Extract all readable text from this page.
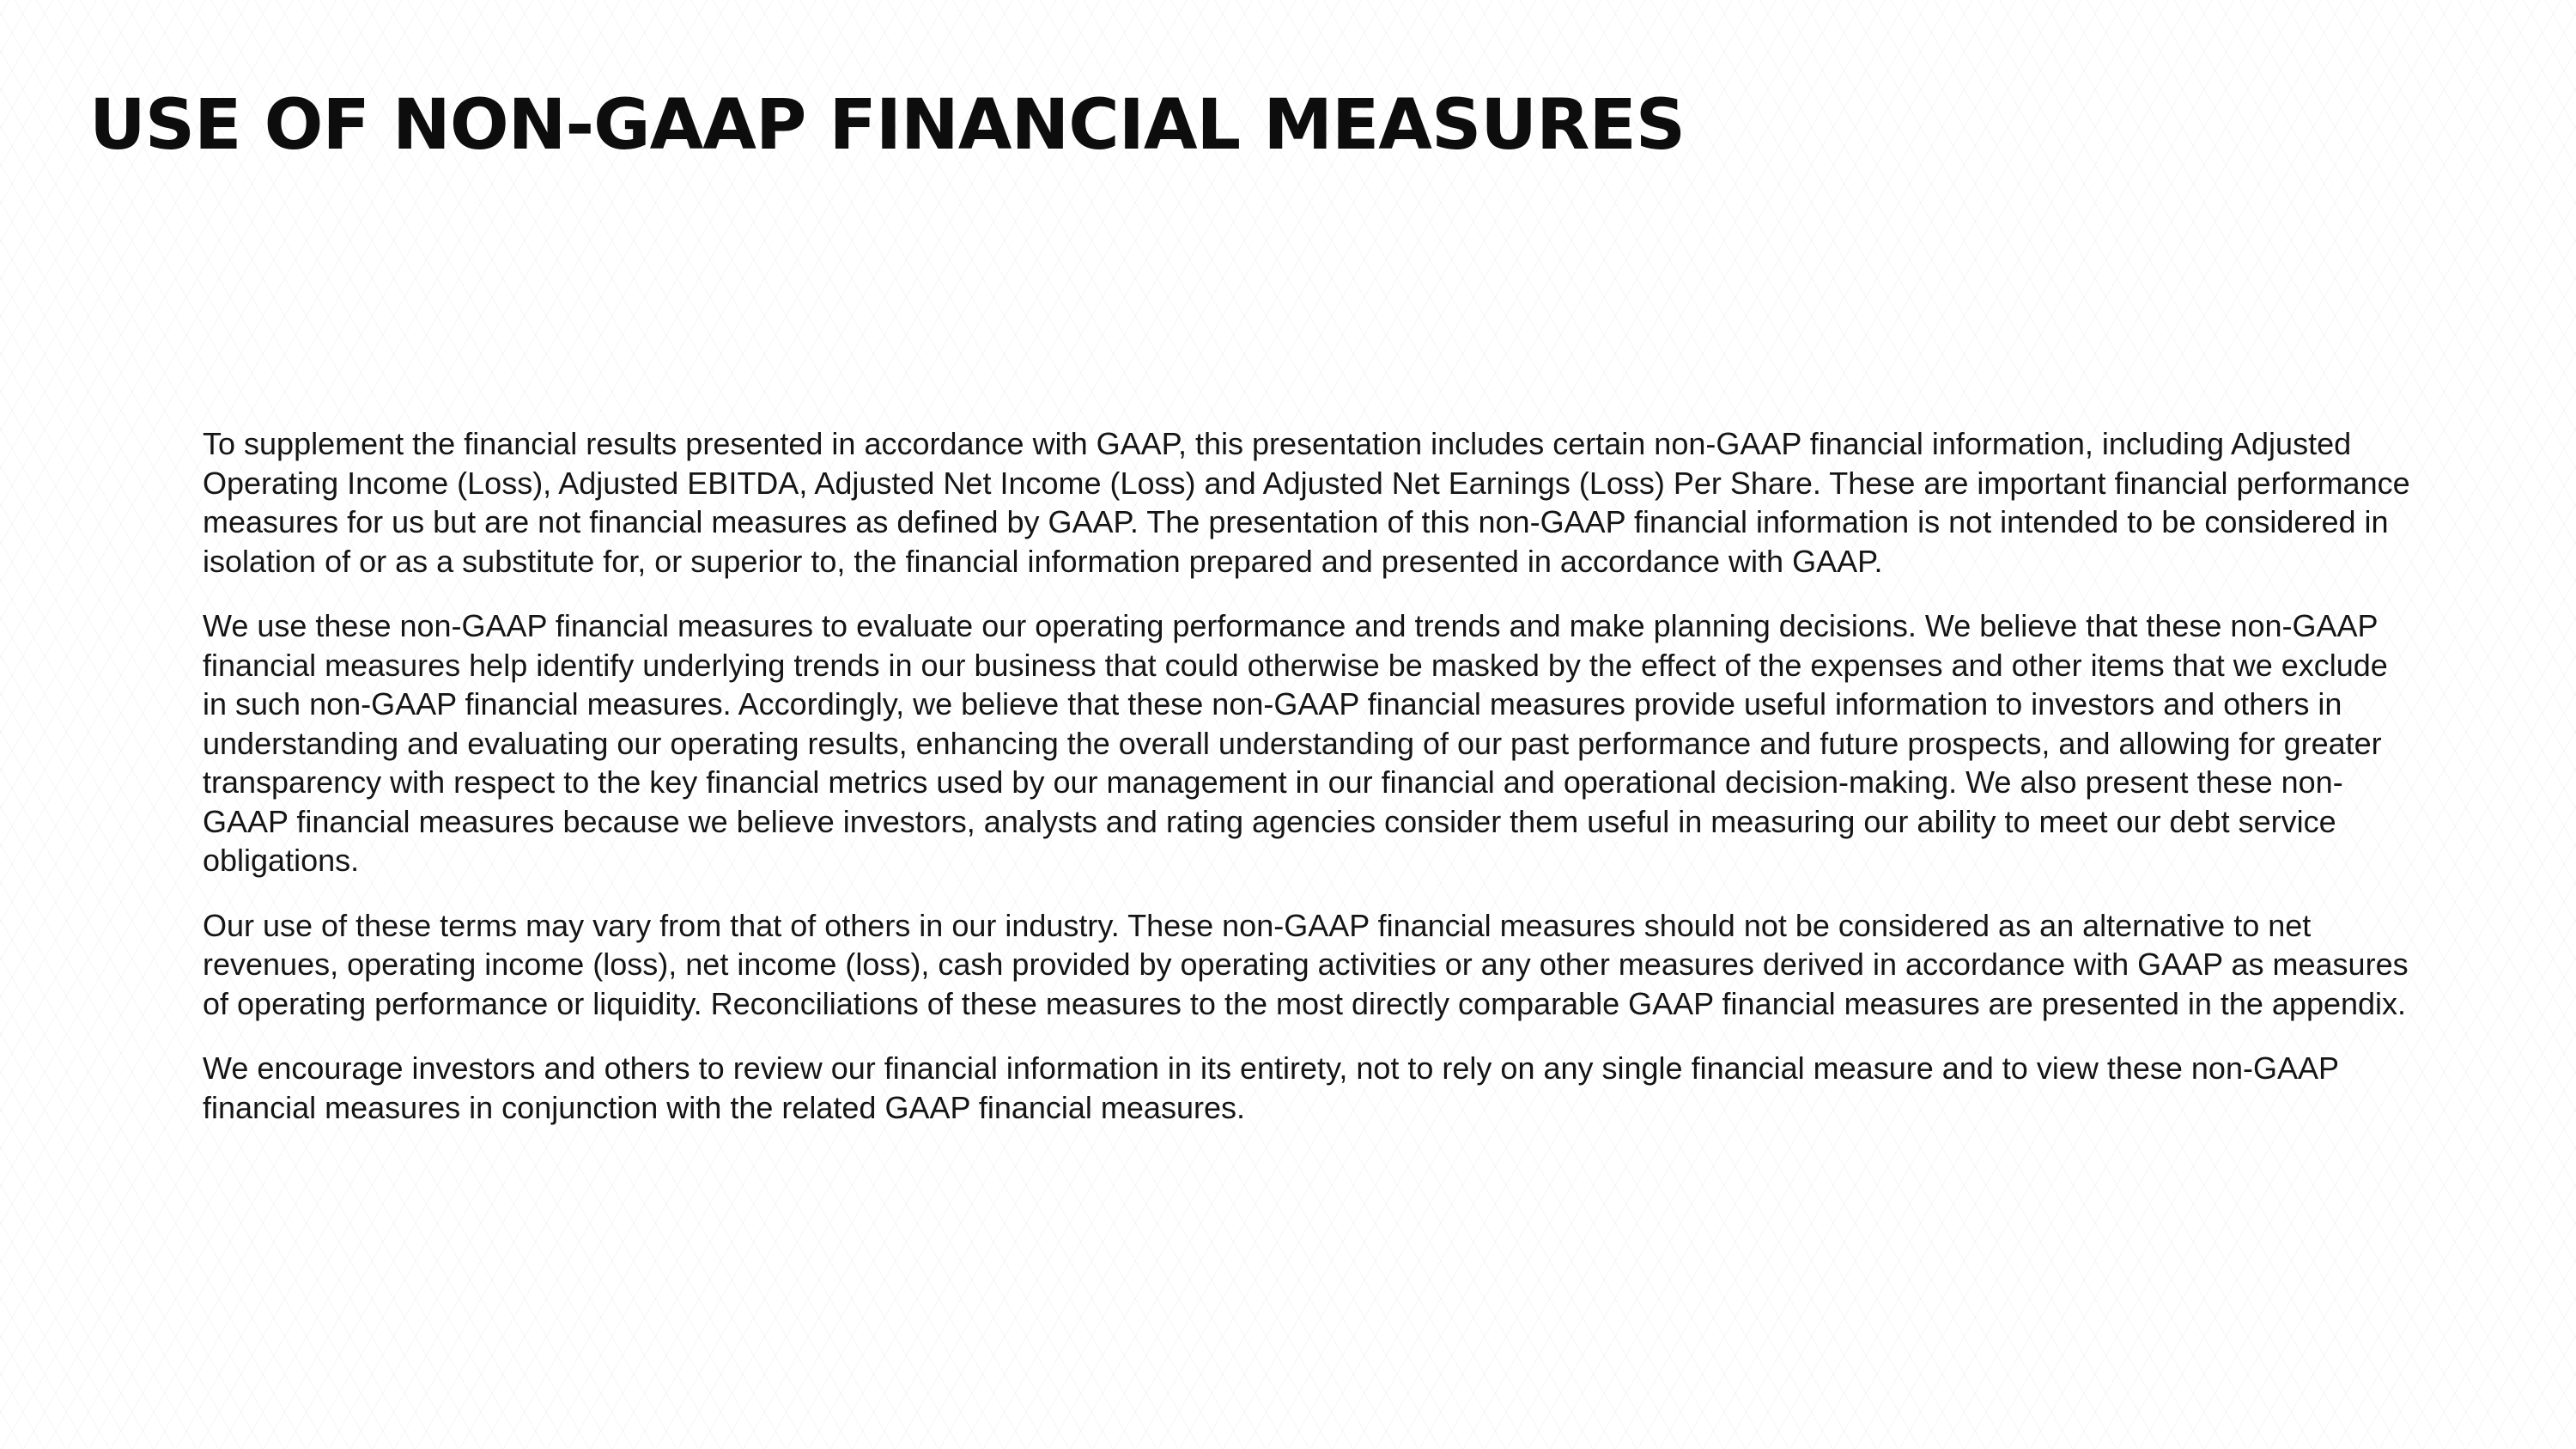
USE OF NON-GAAP FINANCIAL MEASURES

To supplement the financial results presented in accordance with GAAP, this presentation includes certain non-GAAP financial information, including Adjusted Operating Income (Loss), Adjusted EBITDA, Adjusted Net Income (Loss) and Adjusted Net Earnings (Loss) Per Share. These are important financial performance measures for us but are not financial measures as defined by GAAP. The presentation of this non-GAAP financial information is not intended to be considered in isolation of or as a substitute for, or superior to, the financial information prepared and presented in accordance with GAAP.

We use these non-GAAP financial measures to evaluate our operating performance and trends and make planning decisions. We believe that these non-GAAP financial measures help identify underlying trends in our business that could otherwise be masked by the effect of the expenses and other items that we exclude in such non-GAAP financial measures. Accordingly, we believe that these non-GAAP financial measures provide useful information to investors and others in understanding and evaluating our operating results, enhancing the overall understanding of our past performance and future prospects, and allowing for greater transparency with respect to the key financial metrics used by our management in our financial and operational decision-making. We also present these non-GAAP financial measures because we believe investors, analysts and rating agencies consider them useful in measuring our ability to meet our debt service obligations.

Our use of these terms may vary from that of others in our industry. These non-GAAP financial measures should not be considered as an alternative to net revenues, operating income (loss), net income (loss), cash provided by operating activities or any other measures derived in accordance with GAAP as measures of operating performance or liquidity. Reconciliations of these measures to the most directly comparable GAAP financial measures are presented in the appendix.

We encourage investors and others to review our financial information in its entirety, not to rely on any single financial measure and to view these non-GAAP financial measures in conjunction with the related GAAP financial measures.
